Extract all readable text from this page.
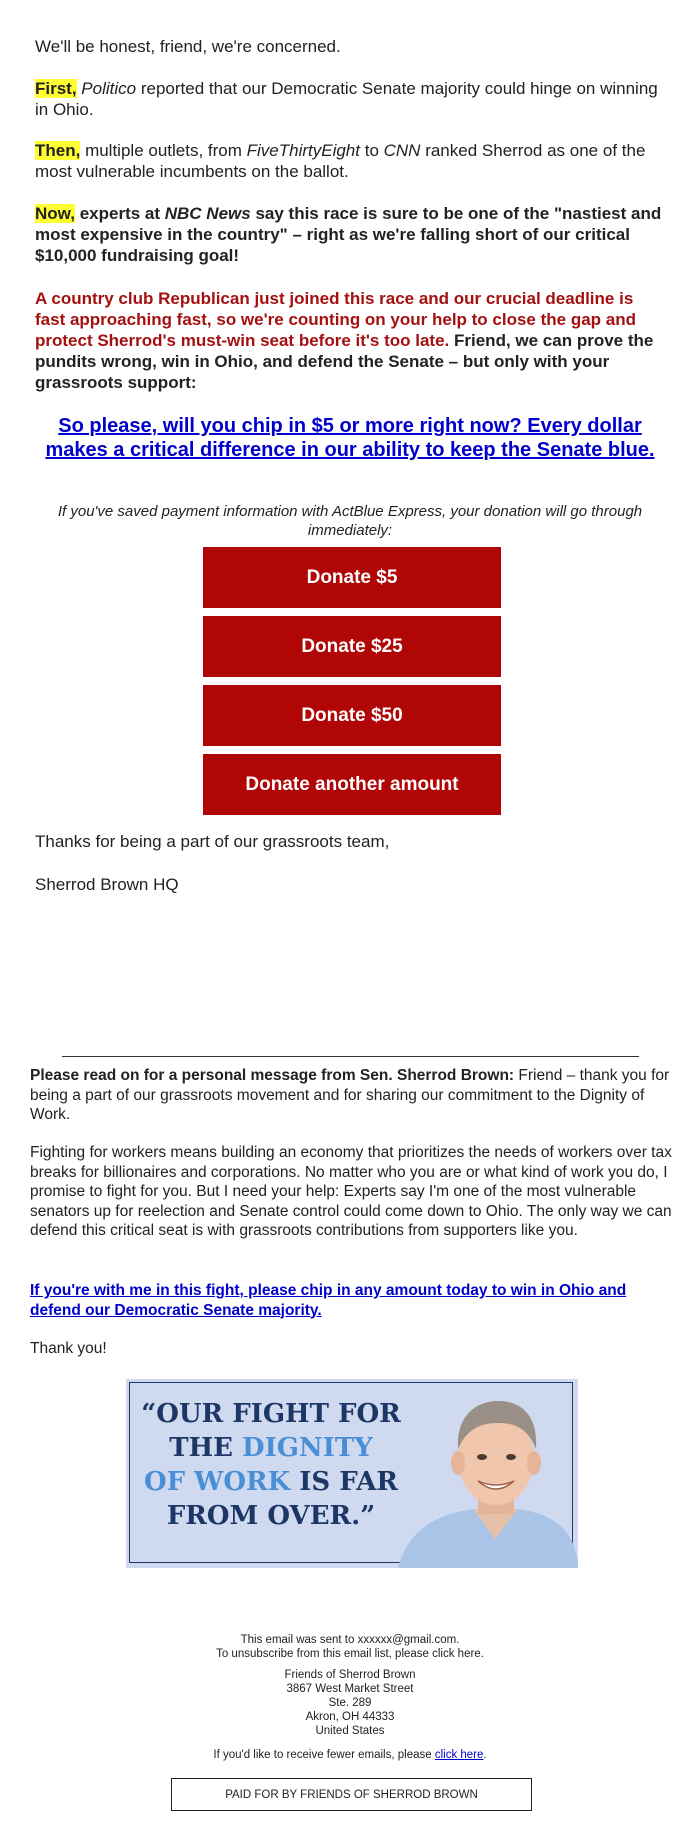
We'll be honest, friend, we're concerned.

First, Politico reported that our Democratic Senate majority could hinge on winning in Ohio.

Then, multiple outlets, from FiveThirtyEight to CNN ranked Sherrod as one of the most vulnerable incumbents on the ballot.

Now, experts at NBC News say this race is sure to be one of the "nastiest and most expensive in the country" – right as we're falling short of our critical $10,000 fundraising goal!

A country club Republican just joined this race and our crucial deadline is fast approaching fast, so we're counting on your help to close the gap and protect Sherrod's must-win seat before it's too late. Friend, we can prove the pundits wrong, win in Ohio, and defend the Senate – but only with your grassroots support:

So please, will you chip in $5 or more right now? Every dollar makes a critical difference in our ability to keep the Senate blue.

If you've saved payment information with ActBlue Express, your donation will go through immediately:

Donate $5
Donate $25
Donate $50
Donate another amount

Thanks for being a part of our grassroots team,

Sherrod Brown HQ

Please read on for a personal message from Sen. Sherrod Brown: Friend – thank you for being a part of our grassroots movement and for sharing our commitment to the Dignity of Work.

Fighting for workers means building an economy that prioritizes the needs of workers over tax breaks for billionaires and corporations. No matter who you are or what kind of work you do, I promise to fight for you. But I need your help: Experts say I'm one of the most vulnerable senators up for reelection and Senate control could come down to Ohio. The only way we can defend this critical seat is with grassroots contributions from supporters like you.

If you're with me in this fight, please chip in any amount today to win in Ohio and defend our Democratic Senate majority.

Thank you!

“OUR FIGHT FOR
THE DIGNITY
OF WORK IS FAR
FROM OVER.”
This email was sent to xxxxxx@gmail.com.
To unsubscribe from this email list, please click here.
Friends of Sherrod Brown
3867 West Market Street
Ste. 289
Akron, OH 44333
United States
If you'd like to receive fewer emails, please click here.
PAID FOR BY FRIENDS OF SHERROD BROWN
